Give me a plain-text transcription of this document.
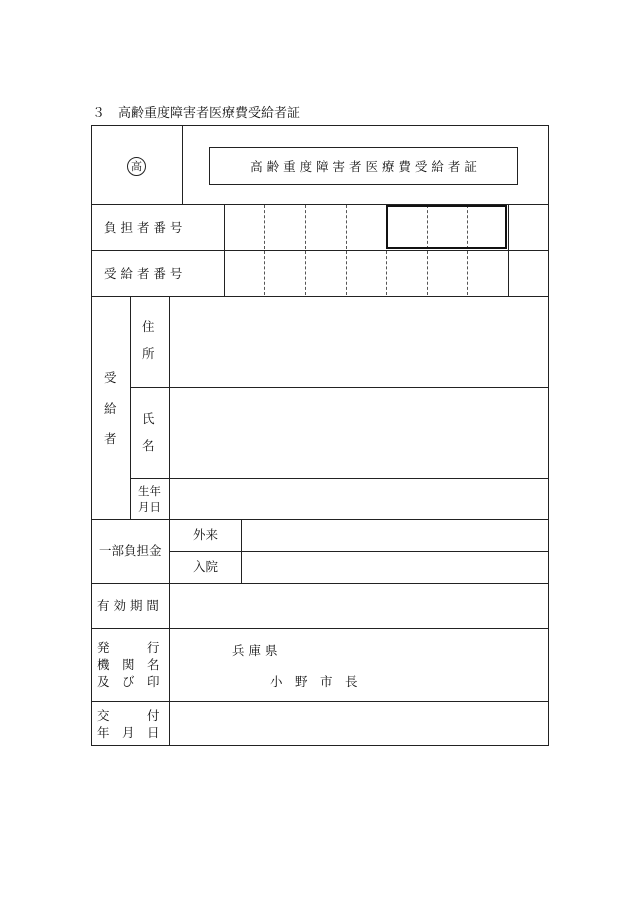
３　高齢重度障害者医療費受給者証
高	高 齢 重 度 障 害 者 医 療 費 受 給 者 証
負 担 者 番 号
受 給 者 番 号
受
給
者
住
所
氏
名
生年
月日
一部負担金
外来
入院
有 効 期 間
発　　　行
機　関　名
及　び　印
兵 庫 県
小　野　市　長
交　　　付
年　月　日
